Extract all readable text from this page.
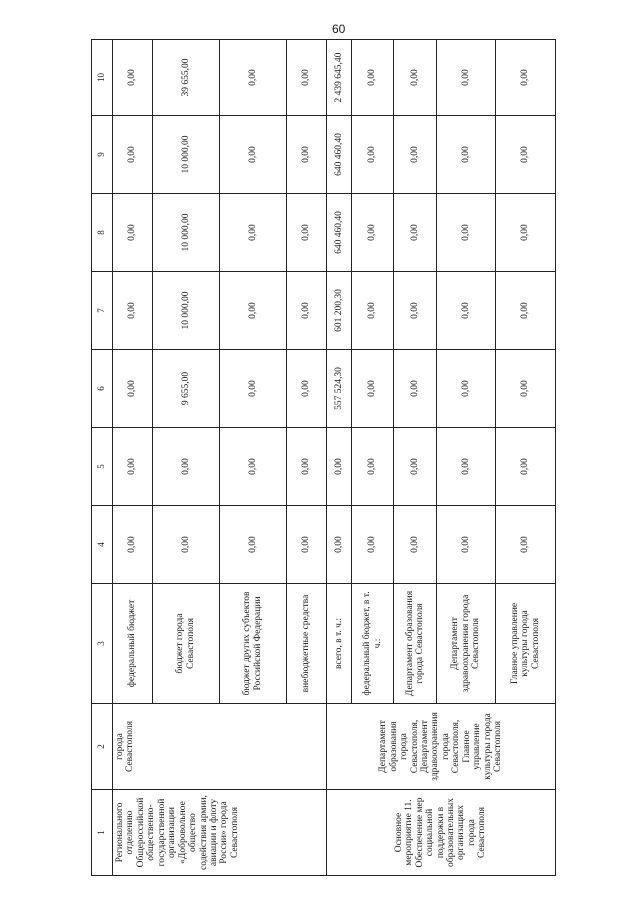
60
1	2	3	4	5	6	7	8	9	10
Регионального отделению Общероссийской общественно-государственной организации «Добровольное общество содействия армии, авиации и флоту России» города Севастополя	города Севастополя	федеральный бюджет	0,00	0,00	0,00	0,00	0,00	0,00	0,00
		бюджет города Севастополя	0,00	0,00	9 655,00	10 000,00	10 000,00	10 000,00	39 655,00
		бюджет других субъектов Российской Федерации	0,00	0,00	0,00	0,00	0,00	0,00	0,00
		внебюджетные средства	0,00	0,00	0,00	0,00	0,00	0,00	0,00
Основное мероприятие 11. Обеспечение мер социальной поддержки в образовательных организациях города Севастополя	Департамент образования города Севастополя, Департамент здравоохранения города Севастополя, Главное управление культуры города Севастополя	всего, в т. ч.:	0,00	0,00	557 524,30	601 200,30	640 460,40	640 460,40	2 439 645,40
		федеральный бюджет, в т. ч.:	0,00	0,00	0,00	0,00	0,00	0,00	0,00
		Департамент образования города Севастополя	0,00	0,00	0,00	0,00	0,00	0,00	0,00
		Департамент здравоохранения города Севастополя	0,00	0,00	0,00	0,00	0,00	0,00	0,00
		Главное управление культуры города Севастополя	0,00	0,00	0,00	0,00	0,00	0,00	0,00
